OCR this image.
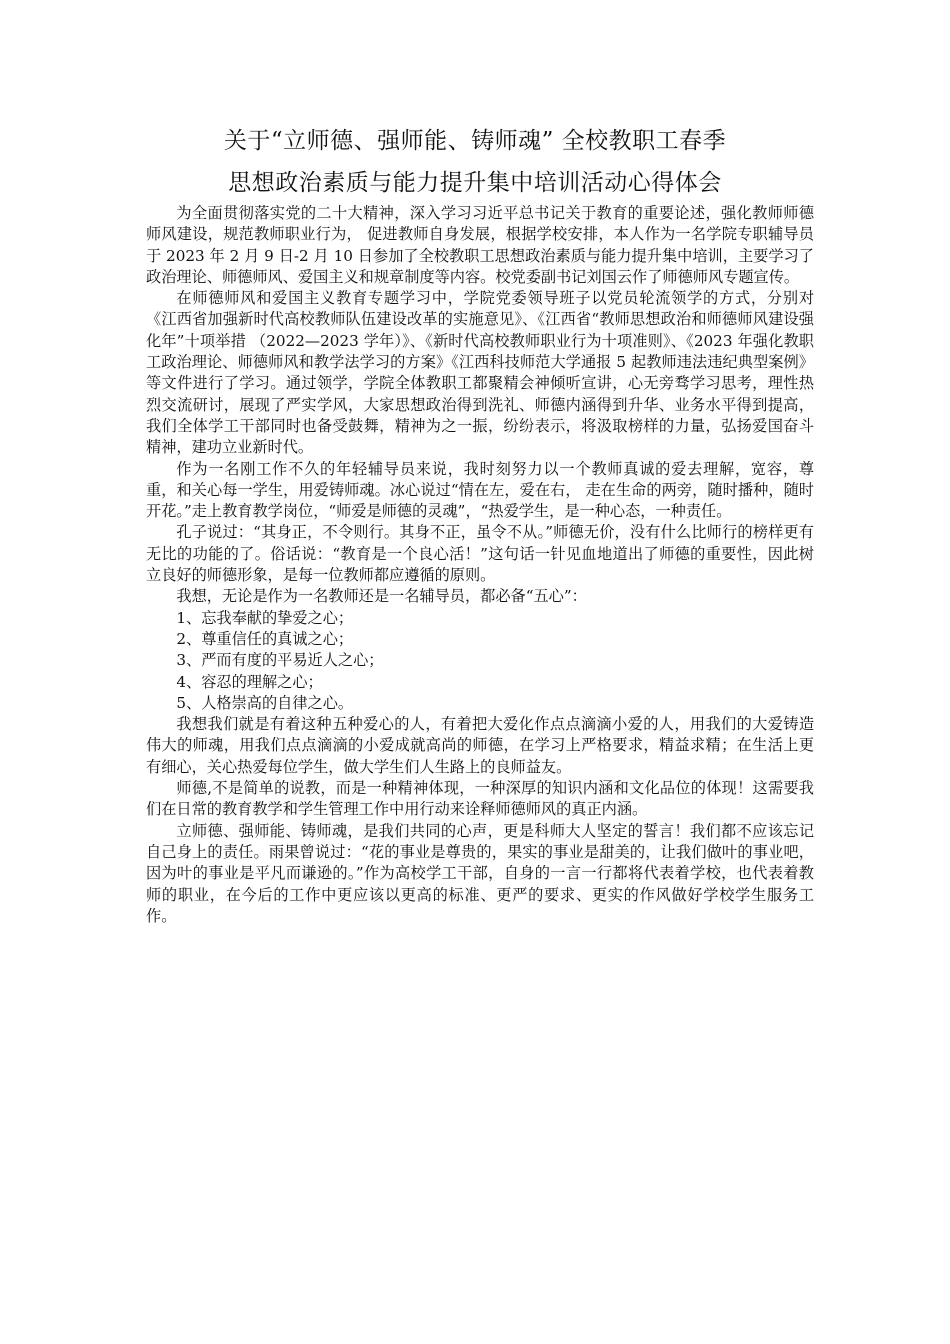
关于“立师德、强师能、铸师魂” 全校教职工春季
思想政治素质与能力提升集中培训活动心得体会

为全面贯彻落实党的二十大精神，深入学习习近平总书记关于教育的重要论述，强化教师师德师风建设，规范教师职业行为， 促进教师自身发展，根据学校安排，本人作为一名学院专职辅导员于 2023 年 2 月 9 日-2 月 10 日参加了全校教职工思想政治素质与能力提升集中培训，主要学习了政治理论、师德师风、爱国主义和规章制度等内容。校党委副书记刘国云作了师德师风专题宣传。

在师德师风和爱国主义教育专题学习中，学院党委领导班子以党员轮流领学的方式，分别对《江西省加强新时代高校教师队伍建设改革的实施意见》、《江西省“教师思想政治和师德师风建设强化年”十项举措 （2022—2023 学年）》、《新时代高校教师职业行为十项准则》、《2023 年强化教职工政治理论、师德师风和教学法学习的方案》《江西科技师范大学通报 5 起教师违法违纪典型案例》等文件进行了学习。通过领学，学院全体教职工都聚精会神倾听宣讲，心无旁骛学习思考，理性热烈交流研讨，展现了严实学风，大家思想政治得到洗礼、师德内涵得到升华、业务水平得到提高，我们全体学工干部同时也备受鼓舞，精神为之一振，纷纷表示，将汲取榜样的力量，弘扬爱国奋斗精神，建功立业新时代。

作为一名刚工作不久的年轻辅导员来说，我时刻努力以一个教师真诚的爱去理解，宽容，尊重，和关心每一学生，用爱铸师魂。冰心说过“情在左，爱在右， 走在生命的两旁，随时播种，随时开花。”走上教育教学岗位，“师爱是师德的灵魂”，“热爱学生，是一种心态，一种责任。

孔子说过：“其身正，不令则行。其身不正，虽令不从。”师德无价，没有什么比师行的榜样更有无比的功能的了。俗话说：“教育是一个良心活！”这句话一针见血地道出了师德的重要性，因此树立良好的师德形象，是每一位教师都应遵循的原则。

我想，无论是作为一名教师还是一名辅导员，都必备“五心”：

1、忘我奉献的挚爱之心；

2、尊重信任的真诚之心；

3、严而有度的平易近人之心；

4、容忍的理解之心；

5、人格崇高的自律之心。

我想我们就是有着这种五种爱心的人，有着把大爱化作点点滴滴小爱的人，用我们的大爱铸造伟大的师魂，用我们点点滴滴的小爱成就高尚的师德，在学习上严格要求，精益求精；在生活上更有细心，关心热爱每位学生，做大学生们人生路上的良师益友。

师德,不是简单的说教，而是一种精神体现，一种深厚的知识内涵和文化品位的体现！这需要我们在日常的教育教学和学生管理工作中用行动来诠释师德师风的真正内涵。

立师德、强师能、铸师魂，是我们共同的心声，更是科师大人坚定的誓言！我们都不应该忘记自己身上的责任。雨果曾说过：“花的事业是尊贵的，果实的事业是甜美的，让我们做叶的事业吧，因为叶的事业是平凡而谦逊的。”作为高校学工干部，自身的一言一行都将代表着学校，也代表着教师的职业，在今后的工作中更应该以更高的标准、更严的要求、更实的作风做好学校学生服务工作。
